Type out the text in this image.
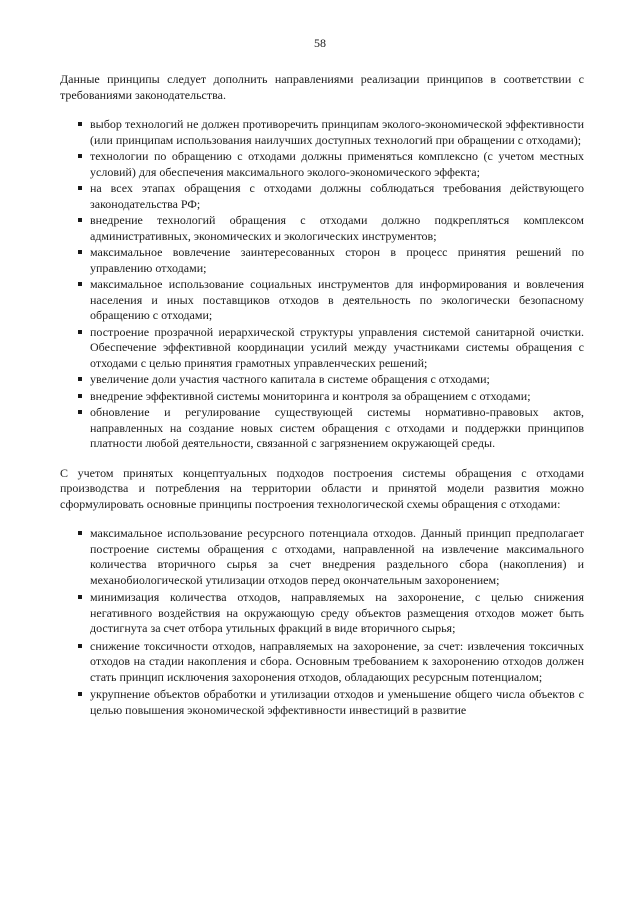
58

Данные принципы следует дополнить направлениями реализации принципов в соответствии с требованиями законодательства.

выбор технологий не должен противоречить принципам эколого-экономической эффективности (или принципам использования наилучших доступных технологий при обращении с отходами);
технологии по обращению с отходами должны применяться комплексно (с учетом местных условий) для обеспечения максимального эколого-экономического эффекта;
на всех этапах обращения с отходами должны соблюдаться требования действующего законодательства РФ;
внедрение технологий обращения с отходами должно подкрепляться комплексом административных, экономических и экологических инструментов;
максимальное вовлечение заинтересованных сторон в процесс принятия решений по управлению отходами;
максимальное использование социальных инструментов для информирования и вовлечения населения и иных поставщиков отходов в деятельность по экологически безопасному обращению с отходами;
построение прозрачной иерархической структуры управления системой санитарной очистки. Обеспечение эффективной координации усилий между участниками системы обращения с отходами с целью принятия грамотных управленческих решений;
увеличение доли участия частного капитала в системе обращения с отходами;
внедрение эффективной системы мониторинга и контроля за обращением с отходами;
обновление и регулирование существующей системы нормативно-правовых актов, направленных на создание новых систем обращения с отходами и поддержки принципов платности любой деятельности, связанной с загрязнением окружающей среды.

С учетом принятых концептуальных подходов построения системы обращения с отходами производства и потребления на территории области и принятой модели развития можно сформулировать основные принципы построения технологической схемы обращения с отходами:

максимальное использование ресурсного потенциала отходов. Данный принцип предполагает построение системы обращения с отходами, направленной на извлечение максимального количества вторичного сырья за счет внедрения раздельного сбора (накопления) и механобиологической утилизации отходов перед окончательным захоронением;
минимизация количества отходов, направляемых на захоронение, с целью снижения негативного воздействия на окружающую среду объектов размещения отходов может быть достигнута за счет отбора утильных фракций в виде вторичного сырья;
снижение токсичности отходов, направляемых на захоронение, за счет: извлечения токсичных отходов на стадии накопления и сбора. Основным требованием к захоронению отходов должен стать принцип исключения захоронения отходов, обладающих ресурсным потенциалом;
укрупнение объектов обработки и утилизации отходов и уменьшение общего числа объектов с целью повышения экономической эффективности инвестиций в развитие
